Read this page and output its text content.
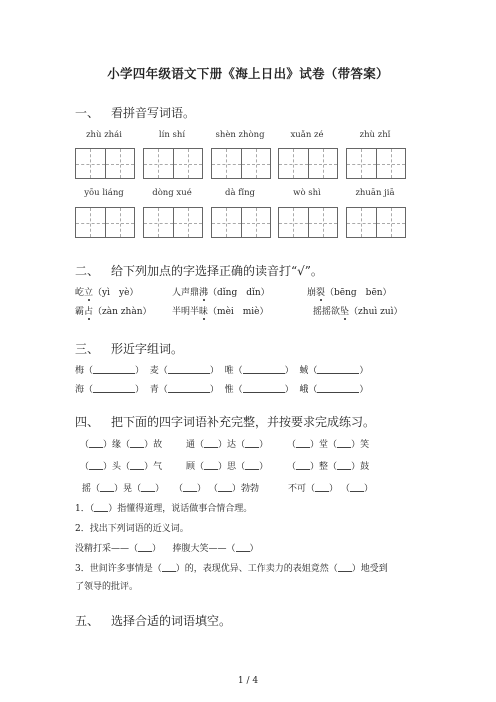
小学四年级语文下册《海上日出》试卷（带答案）
一、 看拼音写词语。
zhù zhái	lín shí	shèn zhòng	xuǎn zé	zhù zhǐ
yōu liáng	dòng xué	dà fǐng	wò shì	zhuān jiā
二、 给下列加点的字选择正确的读音打“√”。
屹立（yì　yè）	人声鼎沸（dǐng　dǐn）	崩裂（bēng　bēn）
霸占（zàn zhàn） 半明半昧（mèi　miè）	摇摇欲坠（zhuì zuì）
三、 形近字组词。
梅（	） 麦（	） 唯（	） 蜮（	）
海（	） 青（	） 惟（	） 峨（	）
四、 把下面的四字词语补充完整，并按要求完成练习。
（ ）缘（ ）故	通（ ）达（ ） （ ）堂（ ）笑
（ ）头（ ）气	顾（ ）思（ ） （ ）整（ ）鼓
摇（ ）晃（ ） （ ） （ ）勃勃	不可（ ） （ ）
1．（ ）指懂得道理，说话做事合情合理。
2．找出下列词语的近义词。
没精打采——（ ） 捧腹大笑——（ ）
3．世间许多事情是（ ）的，表现优异、工作卖力的表姐竟然（ ）地受到
了领导的批评。
五、 选择合适的词语填空。
1 / 4
